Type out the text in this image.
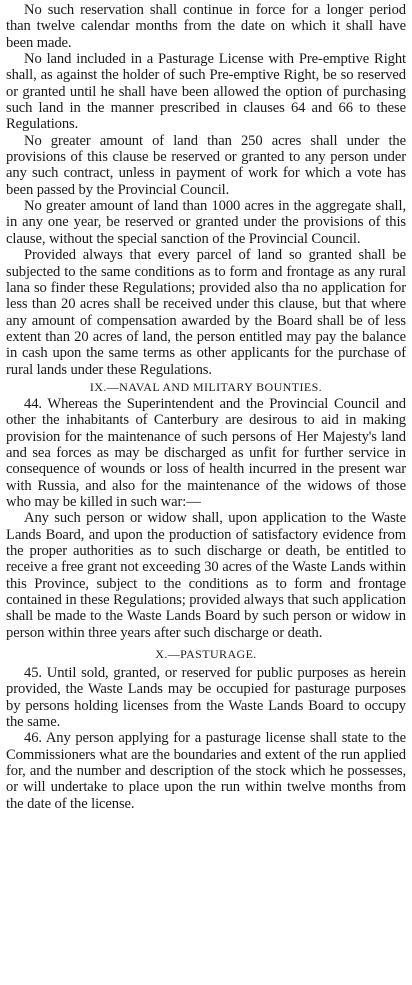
No such reservation shall continue in force for a longer period than twelve calendar months from the date on which it shall have been made.

No land included in a Pasturage License with Pre-emptive Right shall, as against the holder of such Pre-emptive Right, be so reserved or granted until he shall have been allowed the option of purchasing such land in the manner prescribed in clauses 64 and 66 to these Regulations.

No greater amount of land than 250 acres shall under the provisions of this clause be reserved or granted to any person under any such contract, unless in payment of work for which a vote has been passed by the Provincial Council.

No greater amount of land than 1000 acres in the aggregate shall, in any one year, be reserved or granted under the provisions of this clause, without the special sanction of the Provincial Council.

Provided always that every parcel of land so granted shall be subjected to the same conditions as to form and frontage as any rural lana so finder these Regulations; provided also tha no application for less than 20 acres shall be received under this clause, but that where any amount of compensation awarded by the Board shall be of less extent than 20 acres of land, the person entitled may pay the balance in cash upon the same terms as other applicants for the purchase of rural lands under these Regulations.

IX.—NAVAL AND MILITARY BOUNTIES.

44. Whereas the Superintendent and the Provincial Council and other the inhabitants of Canterbury are desirous to aid in making provision for the maintenance of such persons of Her Majesty's land and sea forces as may be discharged as unfit for further service in consequence of wounds or loss of health incurred in the present war with Russia, and also for the maintenance of the widows of those who may be killed in such war:—

Any such person or widow shall, upon application to the Waste Lands Board, and upon the production of satisfactory evidence from the proper authorities as to such discharge or death, be entitled to receive a free grant not exceeding 30 acres of the Waste Lands within this Province, subject to the conditions as to form and frontage contained in these Regulations; provided always that such application shall be made to the Waste Lands Board by such person or widow in person within three years after such discharge or death.

X.—PASTURAGE.

45. Until sold, granted, or reserved for public purposes as herein provided, the Waste Lands may be occupied for pasturage purposes by persons holding licenses from the Waste Lands Board to occupy the same.

46. Any person applying for a pasturage license shall state to the Commissioners what are the boundaries and extent of the run applied for, and the number and description of the stock which he possesses, or will undertake to place upon the run within twelve months from the date of the license.
